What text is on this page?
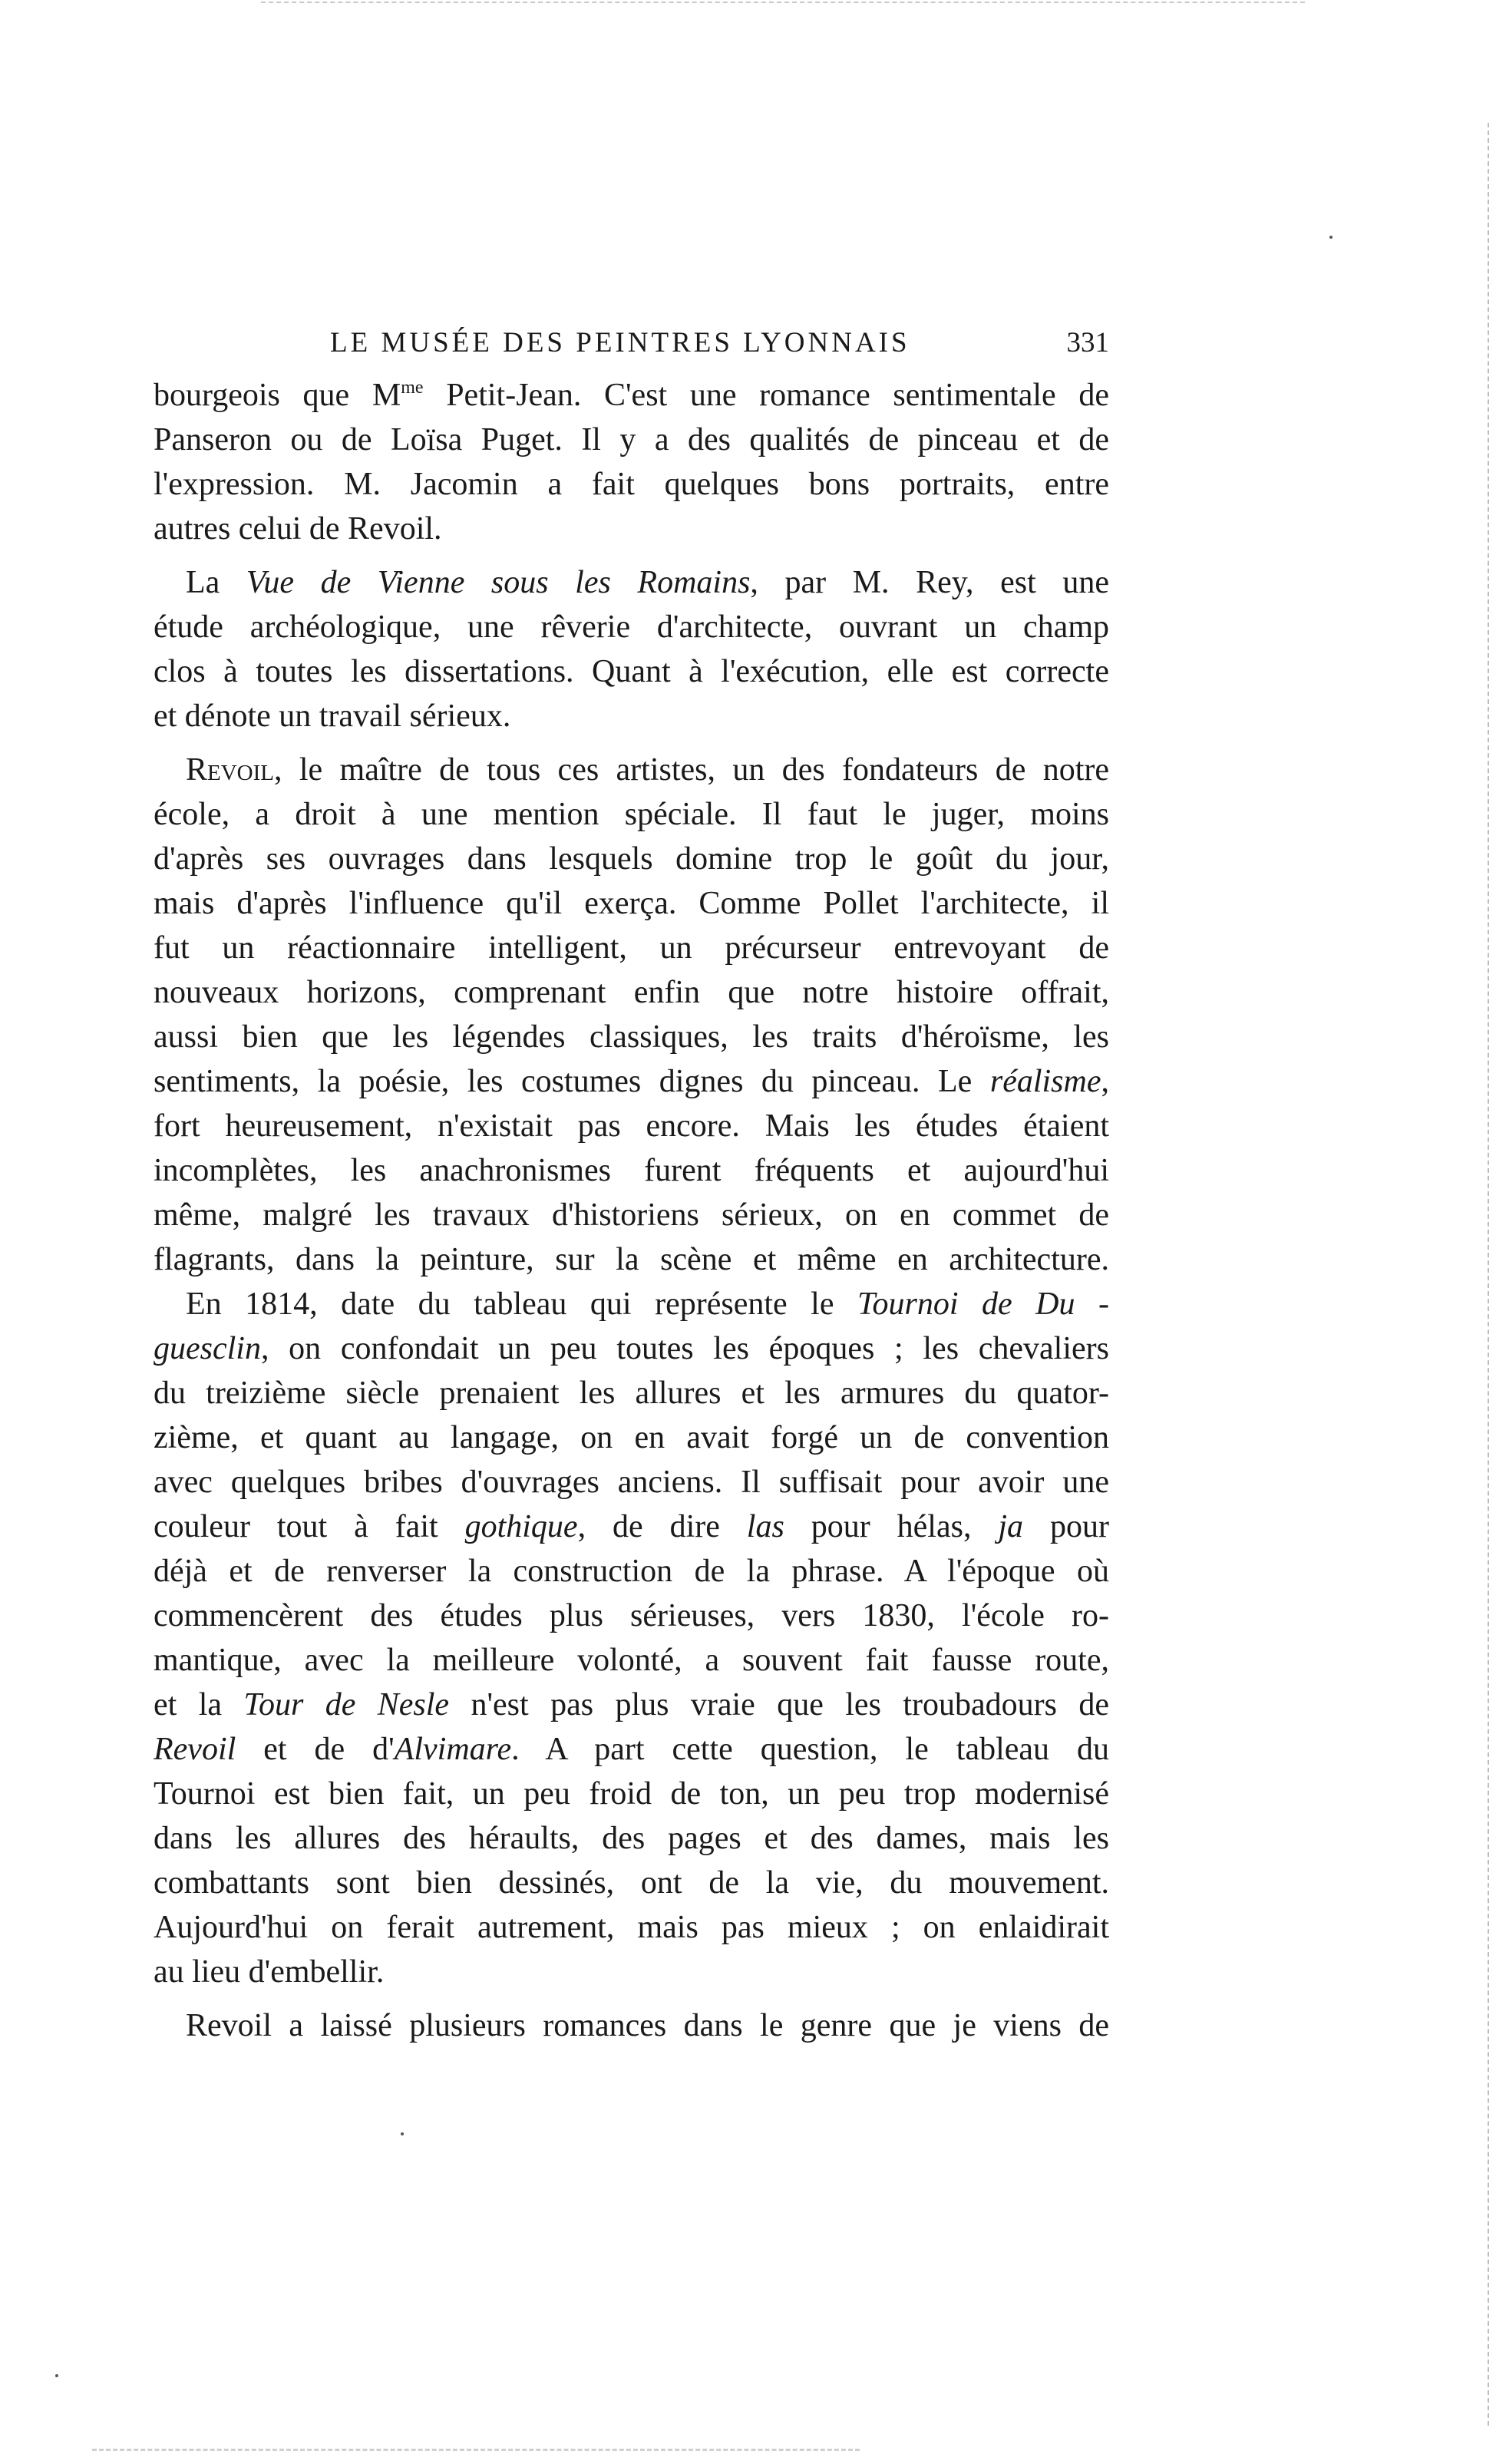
LE MUSÉE DES PEINTRES LYONNAIS	331
bourgeois que $M^{me}$ Petit-Jean. C'est une romance sentimentale de
Panseron ou de Loïsa Puget. Il y a des qualités de pinceau et de
l'expression. M. Jacomin a fait quelques bons portraits, entre
autres celui de Revoil.
La Vue de Vienne sous les Romains, par M. Rey, est une
étude archéologique, une rêverie d'architecte, ouvrant un champ
clos à toutes les dissertations. Quant à l'exécution, elle est correcte
et dénote un travail sérieux.
Revoil, le maître de tous ces artistes, un des fondateurs de notre
école, a droit à une mention spéciale. Il faut le juger, moins
d'après ses ouvrages dans lesquels domine trop le goût du jour,
mais d'après l'influence qu'il exerça. Comme Pollet l'architecte, il
fut un réactionnaire intelligent, un précurseur entrevoyant de
nouveaux horizons, comprenant enfin que notre histoire offrait,
aussi bien que les légendes classiques, les traits d'héroïsme, les
sentiments, la poésie, les costumes dignes du pinceau. Le réalisme,
fort heureusement, n'existait pas encore. Mais les études étaient
incomplètes, les anachronismes furent fréquents et aujourd'hui
même, malgré les travaux d'historiens sérieux, on en commet de
flagrants, dans la peinture, sur la scène et même en architecture.
En 1814, date du tableau qui représente le Tournoi de Du -
guesclin, on confondait un peu toutes les époques ; les chevaliers
du treizième siècle prenaient les allures et les armures du quator-
zième, et quant au langage, on en avait forgé un de convention
avec quelques bribes d'ouvrages anciens. Il suffisait pour avoir une
couleur tout à fait gothique, de dire las pour hélas, ja pour
déjà et de renverser la construction de la phrase. A l'époque où
commencèrent des études plus sérieuses, vers 1830, l'école ro-
mantique, avec la meilleure volonté, a souvent fait fausse route,
et la Tour de Nesle n'est pas plus vraie que les troubadours de
Revoil et de d'Alvimare. A part cette question, le tableau du
Tournoi est bien fait, un peu froid de ton, un peu trop modernisé
dans les allures des héraults, des pages et des dames, mais les
combattants sont bien dessinés, ont de la vie, du mouvement.
Aujourd'hui on ferait autrement, mais pas mieux ; on enlaidirait
au lieu d'embellir.
Revoil a laissé plusieurs romances dans le genre que je viens de
